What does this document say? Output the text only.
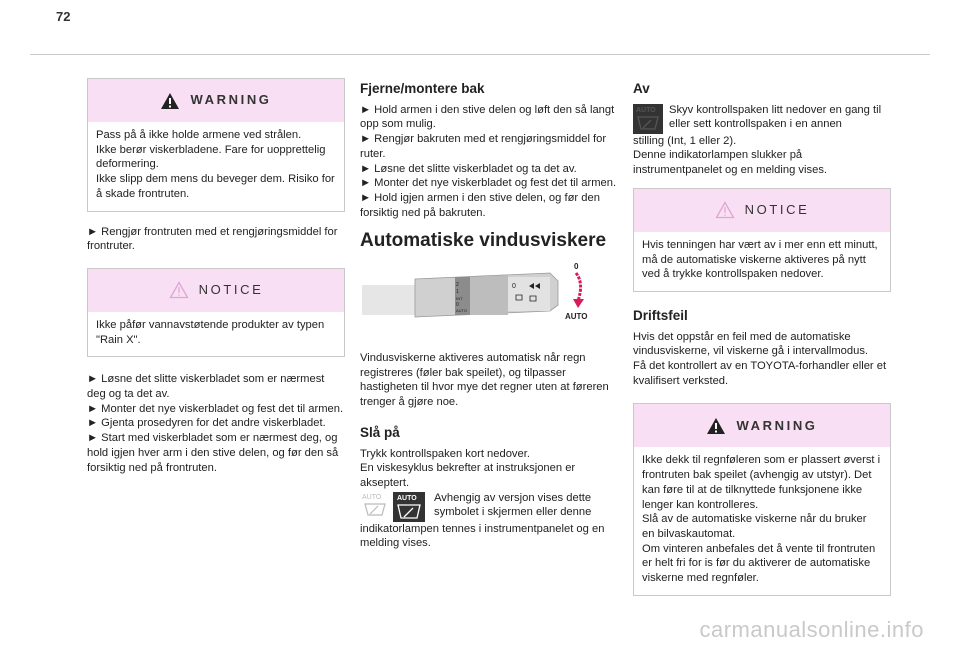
72
WARNING

Pass på å ikke holde armene ved strålen.
Ikke berør viskerbladene. Fare for uopprettelig deformering.
Ikke slipp dem mens du beveger dem. Risiko for å skade frontruten.

► Rengjør frontruten med et rengjøringsmiddel for frontruter.

NOTICE

Ikke påfør vannavstøtende produkter av typen "Rain X".

► Løsne det slitte viskerbladet som er nærmest deg og ta det av.
► Monter det nye viskerbladet og fest det til armen.
► Gjenta prosedyren for det andre viskerbladet.
► Start med viskerbladet som er nærmest deg, og hold igjen hver arm i den stive delen, og før den så forsiktig ned på frontruten.

Fjerne/montere bak

► Hold armen i den stive delen og løft den så langt opp som mulig.
► Rengjør bakruten med et rengjøringsmiddel for ruter.
► Løsne det slitte viskerbladet og ta det av.
► Monter det nye viskerbladet og fest det til armen.
► Hold igjen armen i den stive delen, og før den forsiktig ned på bakruten.

Automatiske vindusviskere
2
1
INT
0
AUTO
0
0
AUTO

Vindusviskerne aktiveres automatisk når regn registreres (føler bak speilet), og tilpasser hastigheten til hvor mye det regner uten at føreren trenger å gjøre noe.

Slå på

Trykk kontrollspaken kort nedover.
En viskesyklus bekrefter at instruksjonen er akseptert.

AUTO
AUTO	Avhengig av versjon vises dette symbolet i skjermen eller denne

indikatorlampen tennes i instrumentpanelet og en melding vises.

Av
AUTO	Skyv kontrollspaken litt nedover en gang til eller sett kontrollspaken i en annen

stilling (Int, 1 eller 2).
Denne indikatorlampen slukker på instrumentpanelet og en melding vises.

NOTICE

Hvis tenningen har vært av i mer enn ett minutt, må de automatiske viskerne aktiveres på nytt ved å trykke kontrollspaken nedover.

Driftsfeil

Hvis det oppstår en feil med de automatiske vindusviskerne, vil viskerne gå i intervallmodus.
Få det kontrollert av en TOYOTA-forhandler eller et kvalifisert verksted.

WARNING

Ikke dekk til regnføleren som er plassert øverst i frontruten bak speilet (avhengig av utstyr). Det kan føre til at de tilknyttede funksjonene ikke lenger kan kontrolleres.
Slå av de automatiske viskerne når du bruker en bilvaskautomat.
Om vinteren anbefales det å vente til frontruten er helt fri for is før du aktiverer de automatiske viskerne med regnføler.

carmanualsonline.info
